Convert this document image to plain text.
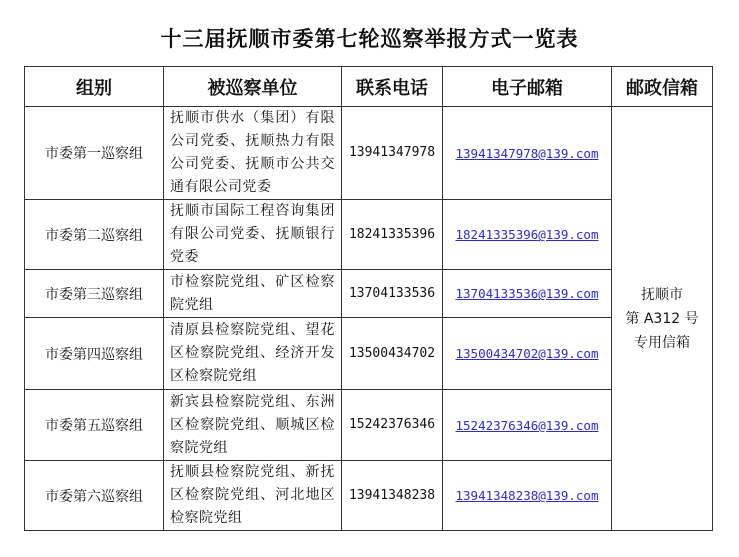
十三届抚顺市委第七轮巡察举报方式一览表
组别	被巡察单位	联系电话	电子邮箱	邮政信箱
市委第一巡察组	抚顺市供水（集团）有限公司党委、抚顺热力有限公司党委、抚顺市公共交通有限公司党委	13941347978	13941347978@139.com	抚顺市
第 A312 号
专用信箱

市委第二巡察组	抚顺市国际工程咨询集团有限公司党委、抚顺银行党委	18241335396	18241335396@139.com	
市委第三巡察组	市检察院党组、矿区检察院党组	13704133536	13704133536@139.com	
市委第四巡察组	清原县检察院党组、望花区检察院党组、经济开发区检察院党组	13500434702	13500434702@139.com	
市委第五巡察组	新宾县检察院党组、东洲区检察院党组、顺城区检察院党组	15242376346	15242376346@139.com	
市委第六巡察组	抚顺县检察院党组、新抚区检察院党组、河北地区检察院党组	13941348238	13941348238@139.com	
